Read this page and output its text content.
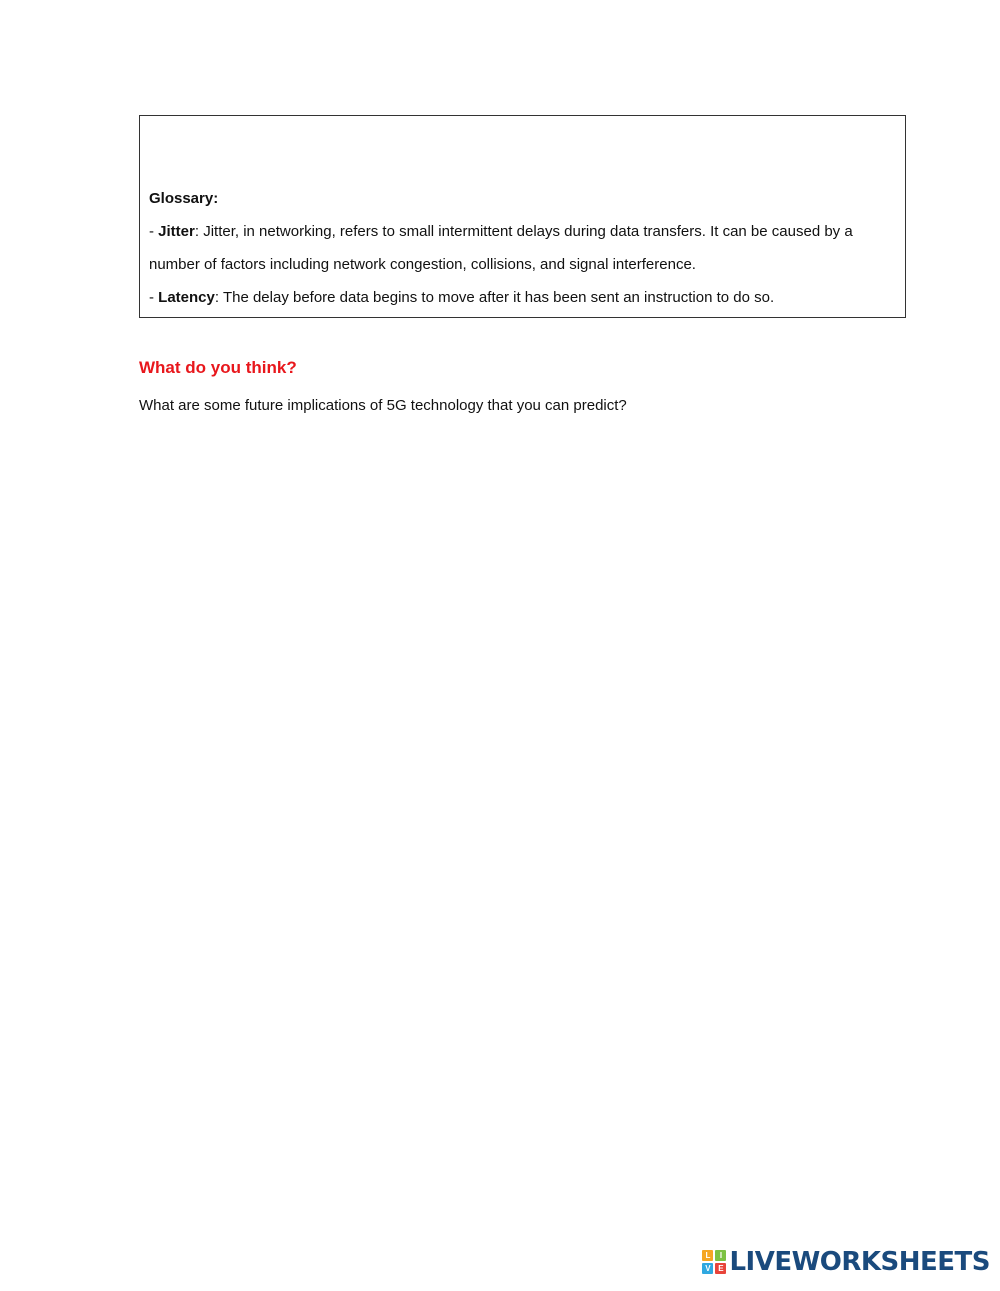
Glossary:
- Jitter: Jitter, in networking, refers to small intermittent delays during data transfers. It can be caused by a number of factors including network congestion, collisions, and signal interference.
- Latency: The delay before data begins to move after it has been sent an instruction to do so.
What do you think?
What are some future implications of 5G technology that you can predict?
L	I
V E LIVEWORKSHEETS
